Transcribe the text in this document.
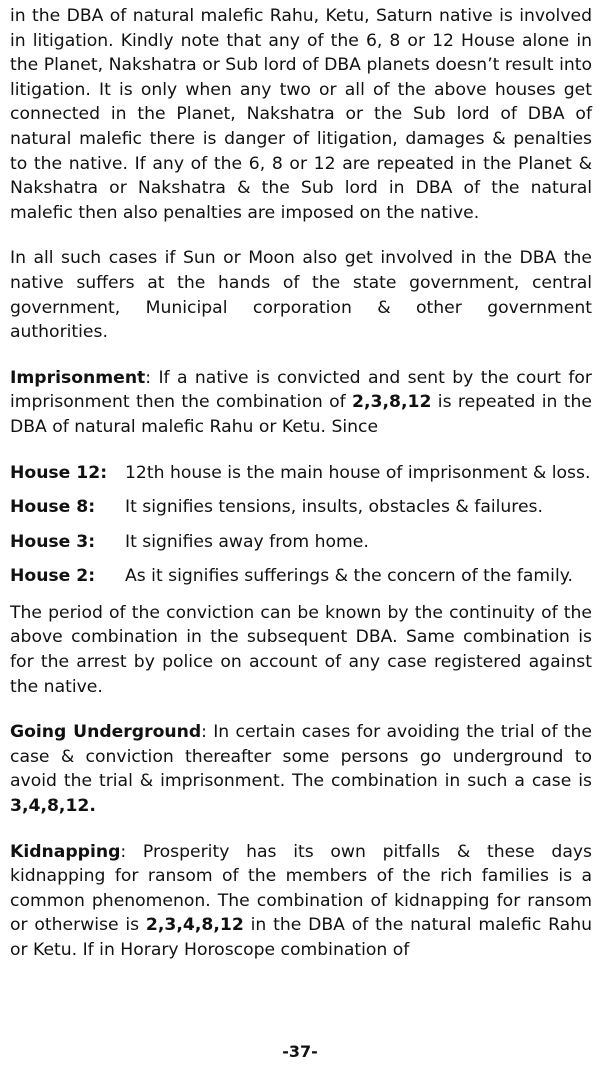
in the DBA of natural malefic Rahu, Ketu, Saturn native is involved in litigation. Kindly note that any of the 6, 8 or 12 House alone in the Planet, Nakshatra or Sub lord of DBA planets doesn’t result into litigation. It is only when any two or all of the above houses get connected in the Planet, Nakshatra or the Sub lord of DBA of natural malefic there is danger of litigation, damages & penalties to the native. If any of the 6, 8 or 12 are repeated in the Planet & Nakshatra or Nakshatra & the Sub lord in DBA of the natural malefic then also penalties are imposed on the native.

In all such cases if Sun or Moon also get involved in the DBA the native suffers at the hands of the state government, central government, Municipal corporation & other government authorities.

Imprisonment: If a native is convicted and sent by the court for imprisonment then the combination of 2,3,8,12 is repeated in the DBA of natural malefic Rahu or Ketu. Since

House 12:	12th house is the main house of imprisonment & loss.
House 8:	It signifies tensions, insults, obstacles & failures.
House 3:	It signifies away from home.
House 2:	As it signifies sufferings & the concern of the family.

The period of the conviction can be known by the continuity of the above combination in the subsequent DBA. Same combination is for the arrest by police on account of any case registered against the native.

Going Underground: In certain cases for avoiding the trial of the case & conviction thereafter some persons go underground to avoid the trial & imprisonment. The combination in such a case is 3,4,8,12.

Kidnapping: Prosperity has its own pitfalls & these days kidnapping for ransom of the members of the rich families is a common phenomenon. The combination of kidnapping for ransom or otherwise is 2,3,4,8,12 in the DBA of the natural malefic Rahu or Ketu. If in Horary Horoscope combination of

-37-
